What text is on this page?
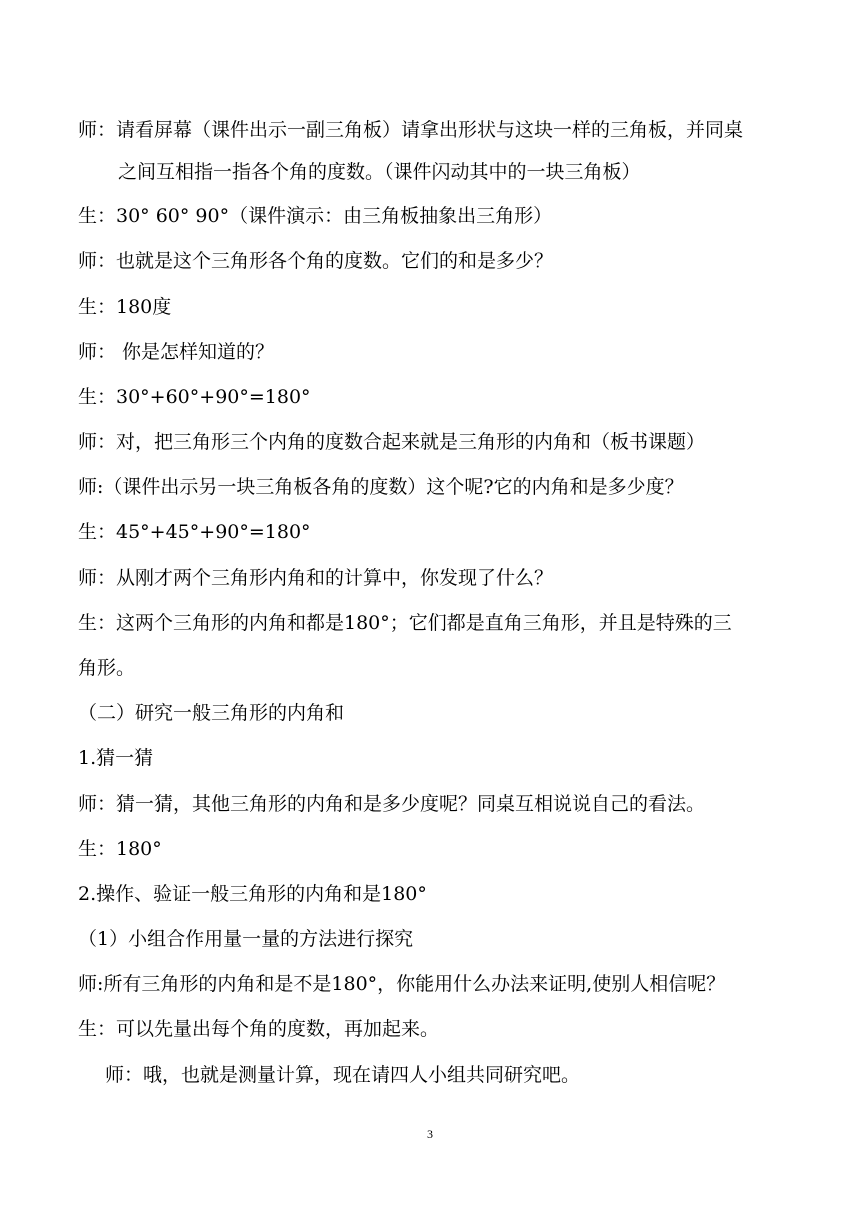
师：请看屏幕（课件出示一副三角板）请拿出形状与这块一样的三角板，并同桌
之间互相指一指各个角的度数。（课件闪动其中的一块三角板）
生：30° 60° 90°（课件演示：由三角板抽象出三角形）
师：也就是这个三角形各个角的度数。它们的和是多少？
生：180度
师： 你是怎样知道的？
生：30°+60°+90°=180°
师：对，把三角形三个内角的度数合起来就是三角形的内角和（板书课题）
师:（课件出示另一块三角板各角的度数）这个呢?它的内角和是多少度？
生：45°+45°+90°=180°
师：从刚才两个三角形内角和的计算中，你发现了什么？
生：这两个三角形的内角和都是180°；它们都是直角三角形，并且是特殊的三
角形。
（二）研究一般三角形的内角和
1.猜一猜
师：猜一猜，其他三角形的内角和是多少度呢？同桌互相说说自己的看法。
生：180°
2.操作、验证一般三角形的内角和是180°
（1）小组合作用量一量的方法进行探究
师:所有三角形的内角和是不是180°，你能用什么办法来证明,使别人相信呢？
生：可以先量出每个角的度数，再加起来。
师：哦，也就是测量计算，现在请四人小组共同研究吧。
3
